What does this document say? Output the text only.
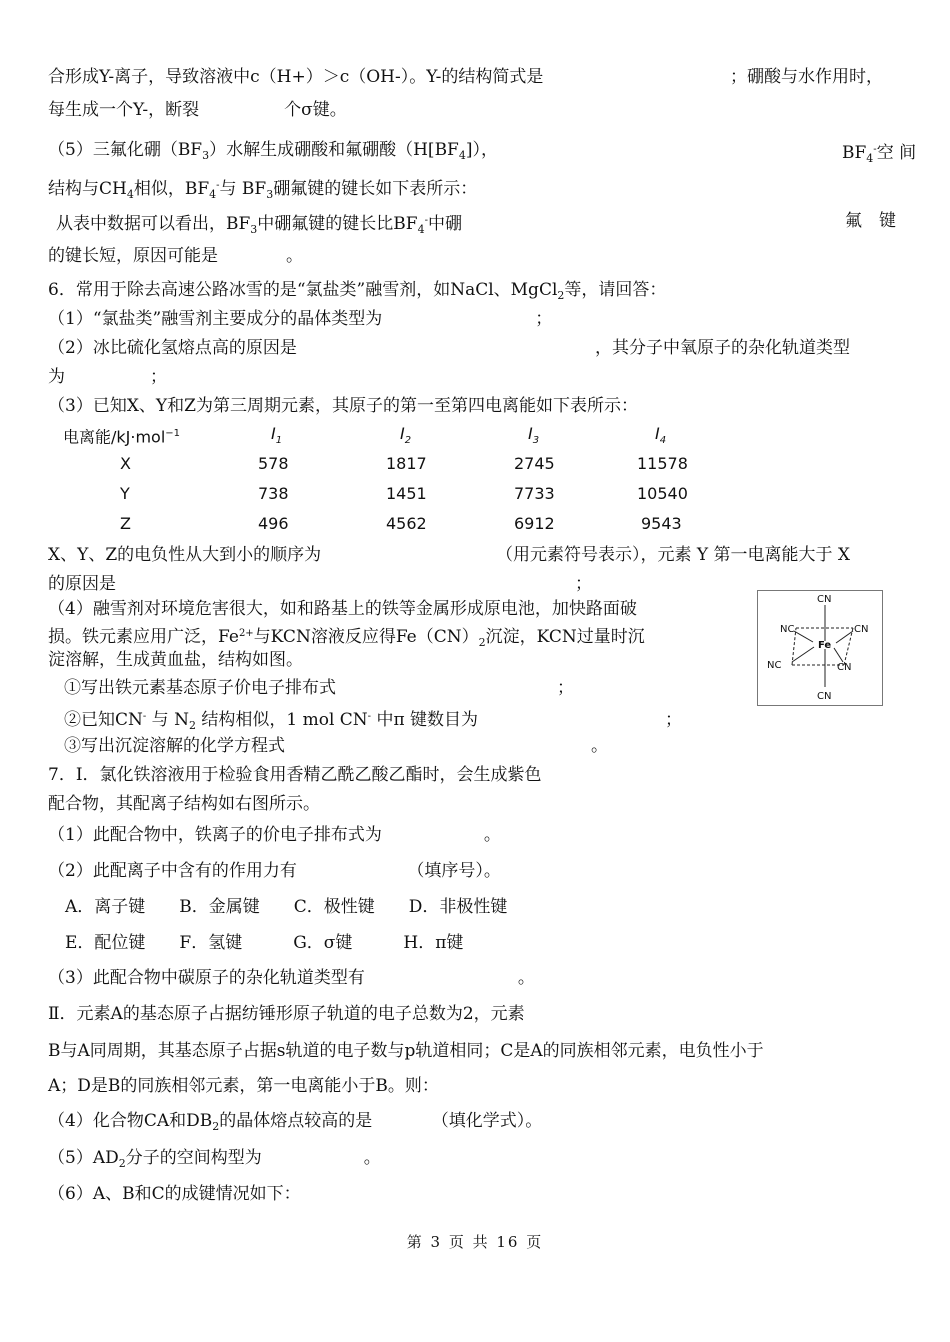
合形成Y-离子，导致溶液中c（H+）＞c（OH-）。Y-的结构简式是	；硼酸与水作用时，
每生成一个Y-，断裂　　　　　个σ键。
（5）三氟化硼$(BF_3)$水解生成硼酸和氟硼酸$(H[BF_4])$，	$BF_4^-$空 间
结构与$CH_4$相似，$BF_4^-$与 $BF_3$硼氟键的键长如下表所示：
从表中数据可以看出，$BF_3$中硼氟键的键长比$BF_4^-$中硼	氟　键
的键长短，原因可能是　　　　。
6．常用于除去高速公路冰雪的是“氯盐类”融雪剂，如NaCl、MgCl$_2$等，请回答：
（1）“氯盐类”融雪剂主要成分的晶体类型为　　　　　　　　　；
（2）冰比硫化氢熔点高的原因是	，其分子中氧原子的杂化轨道类型
为　　　　　；
（3）已知X、Y和Z为第三周期元素，其原子的第一至第四电离能如下表所示：
电离能/kJ·mol$^{-1}$	$I_1$	$I_2$	$I_3$	$I_4$
X	578	1817	2745	11578
Y	738	1451	7733	10540
Z	496	4562	6912	9543
X、Y、Z的电负性从大到小的顺序为	（用元素符号表示），元素 Y 第一电离能大于 X
的原因是　　　　　　　　　　　　　　　　　　　　　　　　　　　；
（4）融雪剂对环境危害很大，如和路基上的铁等金属形成原电池，加快路面破
损。铁元素应用广泛，$Fe^{2+}$与KCN溶液反应得$Fe(CN)_2$沉淀，KCN过量时沉
淀溶解，生成黄血盐，结构如图。
①写出铁元素基态原子价电子排布式　　　　　　　　　　　　　；
②已知CN- 与 $N_2$ 结构相似，1 mol CN- 中π 键数目为　　　　　　　　　　　；
③写出沉淀溶解的化学方程式　　　　　　　　　　　　　　　　　　。
CN
Fe
NC
NC
CN
CN
CN
7．Ⅰ．氯化铁溶液用于检验食用香精乙酰乙酸乙酯时，会生成紫色
配合物，其配离子结构如右图所示。
（1）此配合物中，铁离子的价电子排布式为　　　　　　。
（2）此配离子中含有的作用力有　　　　　　　（填序号）。
　A．离子键　　B．金属键　　C．极性键　　D．非极性键
　E．配位键　　F．氢键　　　G．σ键　　　H．π键
（3）此配合物中碳原子的杂化轨道类型有　　　　　　　　　。
Ⅱ．元素A的基态原子占据纺锤形原子轨道的电子总数为2，元素
B与A同周期，其基态原子占据s轨道的电子数与p轨道相同；C是A的同族相邻元素，电负性小于
A；D是B的同族相邻元素，第一电离能小于B。则：
（4）化合物CA和$DB_2$的晶体熔点较高的是　　　　（填化学式）。
$(5)AD_2$分子的空间构型为　　　　　　。
（6）A、B和C的成键情况如下：
第 3 页 共 16 页
